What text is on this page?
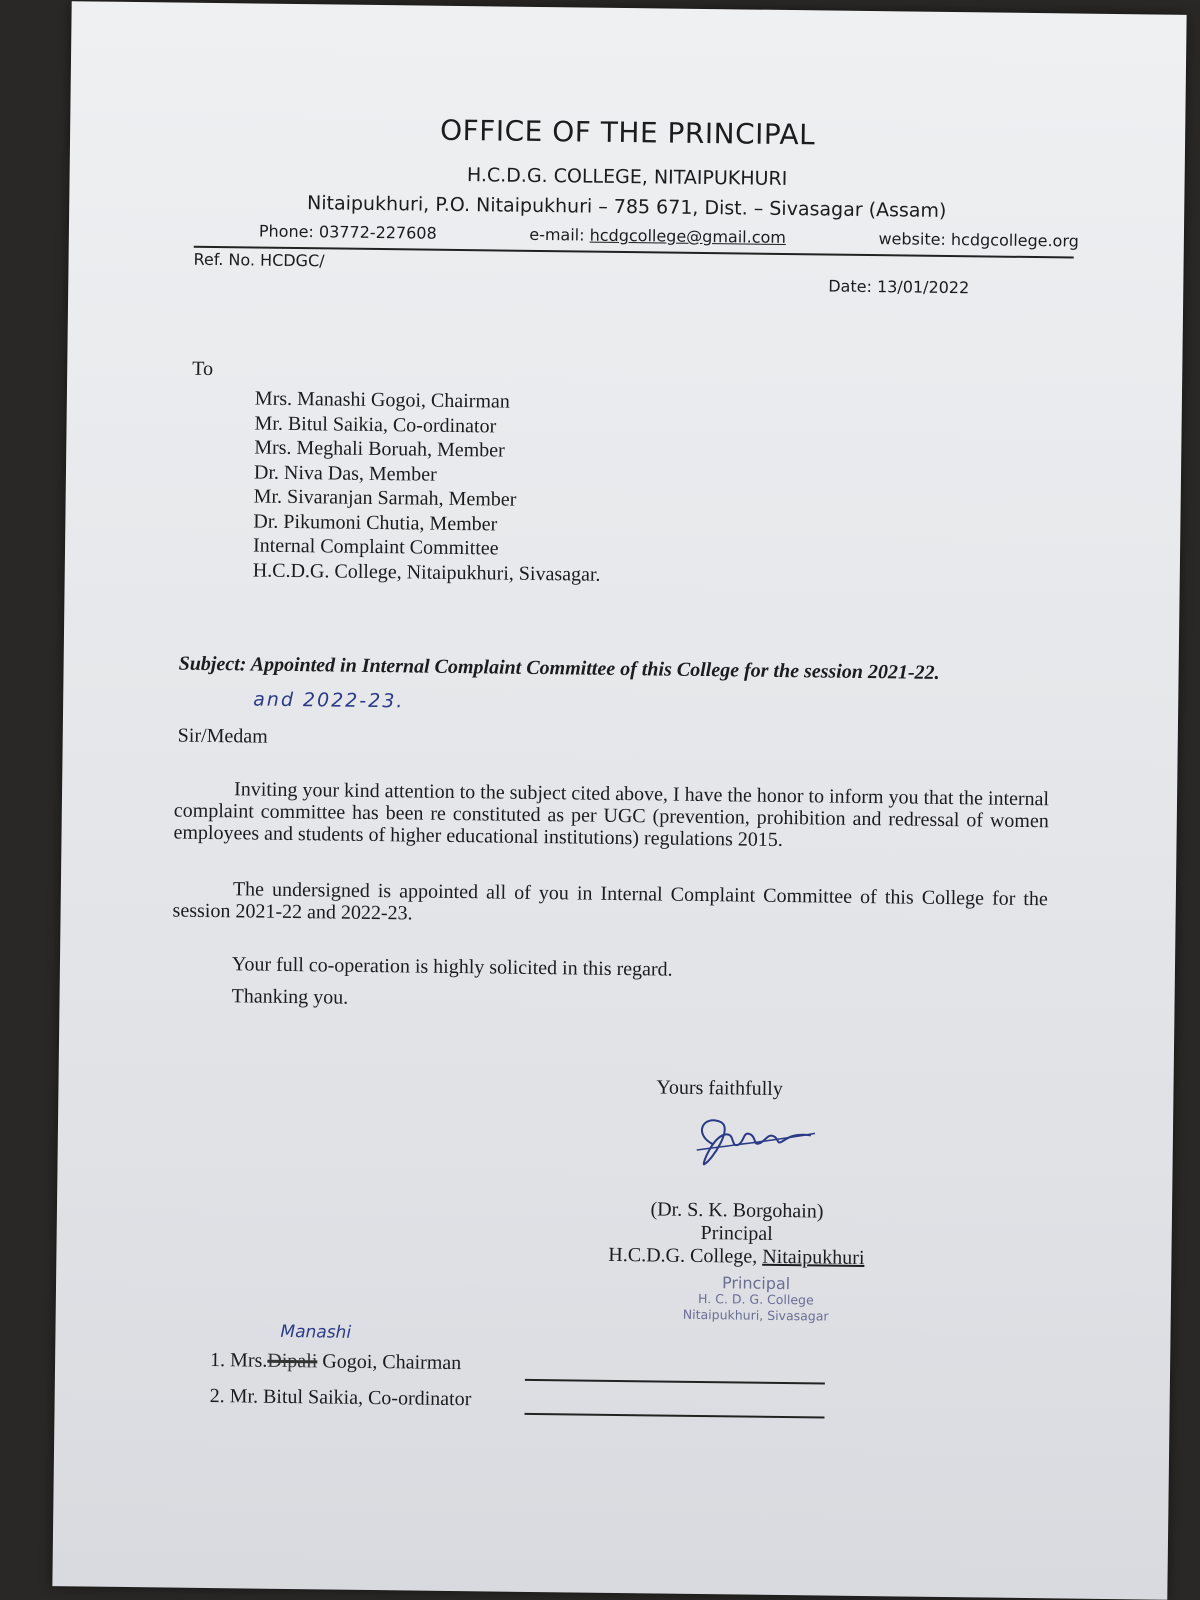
OFFICE OF THE PRINCIPAL
H.C.D.G. COLLEGE, NITAIPUKHURI
Nitaipukhuri, P.O. Nitaipukhuri – 785 671, Dist. – Sivasagar (Assam)
Phone: 03772-227608	e-mail: hcdgcollege@gmail.com	website: hcdgcollege.org
Ref. No. HCDGC/
Date: 13/01/2022
To
Mrs. Manashi Gogoi, Chairman
Mr. Bitul Saikia, Co-ordinator
Mrs. Meghali Boruah, Member
Dr. Niva Das, Member
Mr. Sivaranjan Sarmah, Member
Dr. Pikumoni Chutia, Member
Internal Complaint Committee
H.C.D.G. College, Nitaipukhuri, Sivasagar.
Subject: Appointed in Internal Complaint Committee of this College for the session 2021-22.
and 2022-23.
Sir/Medam
Inviting your kind attention to the subject cited above, I have the honor to inform you that the internal complaint committee has been re constituted as per UGC (prevention, prohibition and redressal of women employees and students of higher educational institutions) regulations 2015.
The undersigned is appointed all of you in Internal Complaint Committee of this College for the session 2021-22 and 2022-23.
Your full co-operation is highly solicited in this regard.
Thanking you.
Yours faithfully
(Dr. S. K. Borgohain)
Principal
H.C.D.G. College, Nitaipukhuri
Principal
H. C. D. G. College
Nitaipukhuri, Sivasagar
Manashi
1. Mrs.Dipali Gogoi, Chairman
2. Mr. Bitul Saikia, Co-ordinator
